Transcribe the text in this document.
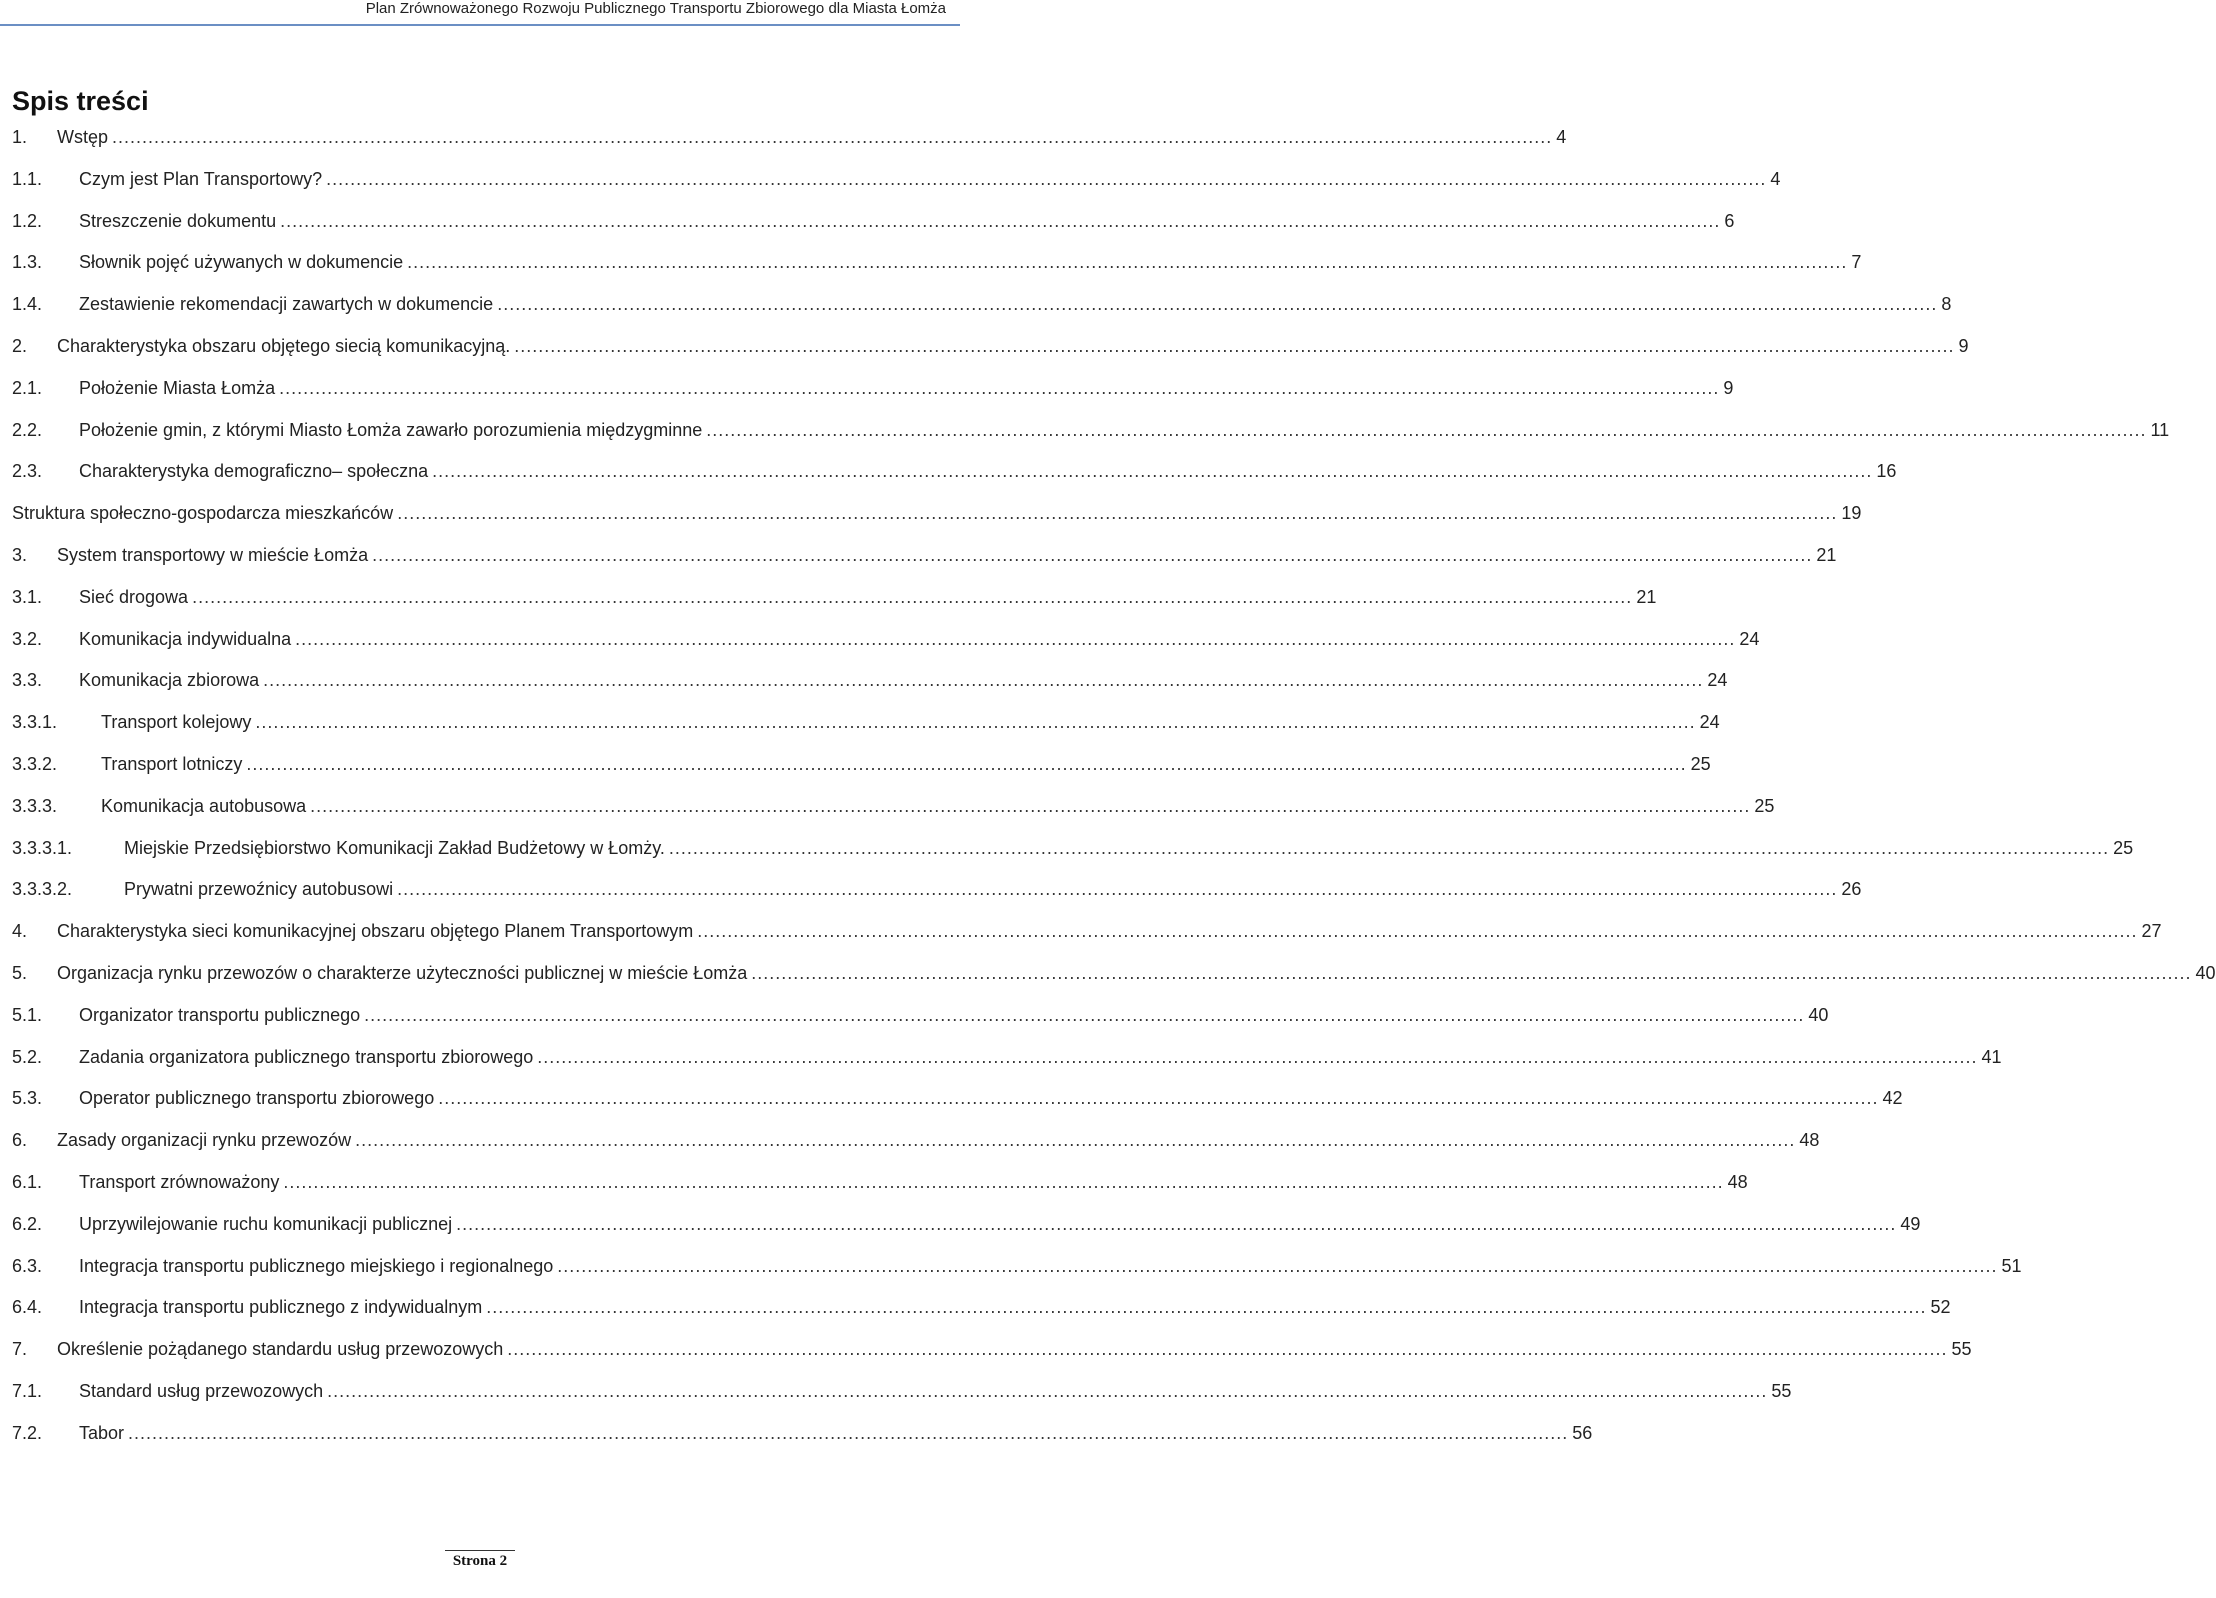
Plan Zrównoważonego Rozwoju Publicznego Transportu Zbiorowego dla Miasta Łomża
Spis treści
1.	Wstęp .....	4
1.1.	Czym jest Plan Transportowy? .....	4
1.2.	Streszczenie dokumentu .....	6
1.3.	Słownik pojęć używanych w dokumencie .....	7
1.4.	Zestawienie rekomendacji zawartych w dokumencie .....	8
2.	Charakterystyka obszaru objętego siecią komunikacyjną. .....	9
2.1.	Położenie Miasta Łomża .....	9
2.2.	Położenie gmin, z którymi Miasto Łomża zawarło porozumienia międzygminne .....	11
2.3.	Charakterystyka demograficzno– społeczna .....	16
Struktura społeczno-gospodarcza mieszkańców .....	19
3.	System transportowy w mieście Łomża .....	21
3.1.	Sieć drogowa .....	21
3.2.	Komunikacja indywidualna .....	24
3.3.	Komunikacja zbiorowa .....	24
3.3.1.	Transport kolejowy .....	24
3.3.2.	Transport lotniczy .....	25
3.3.3.	Komunikacja autobusowa .....	25
3.3.3.1.	Miejskie Przedsiębiorstwo Komunikacji Zakład Budżetowy w Łomży. .....	25
3.3.3.2.	Prywatni przewoźnicy autobusowi .....	26
4.	Charakterystyka sieci komunikacyjnej obszaru objętego Planem Transportowym .....	27
5.	Organizacja rynku przewozów o charakterze użyteczności publicznej w mieście Łomża .....	40
5.1.	Organizator transportu publicznego .....	40
5.2.	Zadania organizatora publicznego transportu zbiorowego .....	41
5.3.	Operator publicznego transportu zbiorowego .....	42
6.	Zasady organizacji rynku przewozów .....	48
6.1.	Transport zrównoważony .....	48
6.2.	Uprzywilejowanie ruchu komunikacji publicznej .....	49
6.3.	Integracja transportu publicznego miejskiego i regionalnego .....	51
6.4.	Integracja transportu publicznego z indywidualnym .....	52
7.	Określenie pożądanego standardu usług przewozowych .....	55
7.1.	Standard usług przewozowych .....	55
7.2.	Tabor .....	56
Strona 2
